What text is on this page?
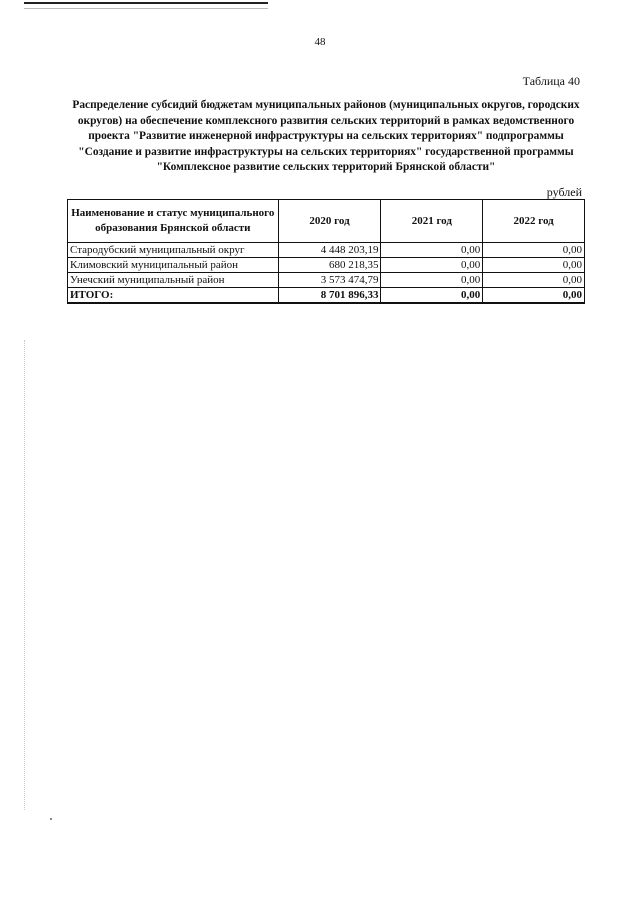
48
Таблица 40
Распределение субсидий бюджетам муниципальных районов (муниципальных округов, городских
округов) на обеспечение комплексного развития сельских территорий в рамках ведомственного
проекта "Развитие инженерной инфраструктуры на сельских территориях" подпрограммы
"Создание и развитие инфраструктуры на сельских территориях" государственной программы
"Комплексное развитие сельских территорий Брянской области"
рублей
Наименование и статус муниципального образования Брянской области	2020 год	2021 год	2022 год
Стародубский муниципальный округ	4 448 203,19	0,00	0,00
Климовский муниципальный район	680 218,35	0,00	0,00
Унечский муниципальный район	3 573 474,79	0,00	0,00
ИТОГО:	8 701 896,33	0,00	0,00
